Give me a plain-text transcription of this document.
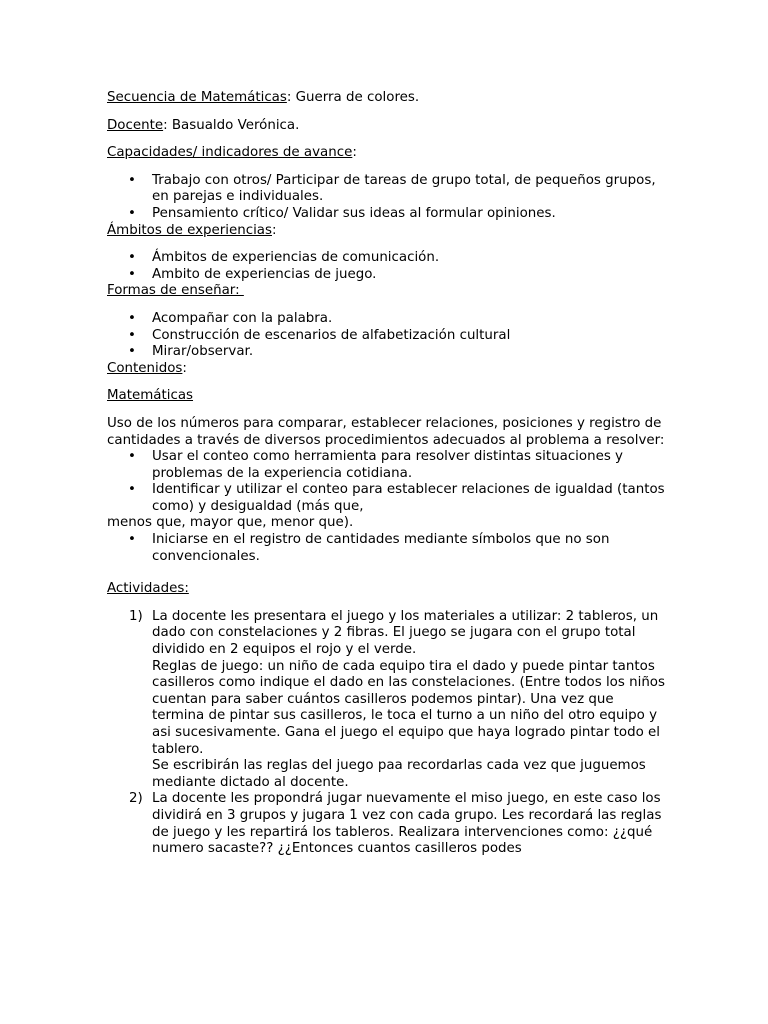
Secuencia de Matemáticas: Guerra de colores.

Docente: Basualdo Verónica.

Capacidades/ indicadores de avance:

• Trabajo con otros/ Participar de tareas de grupo total, de pequeños grupos, en parejas e individuales.
• Pensamiento crítico/ Validar sus ideas al formular opiniones.

Ámbitos de experiencias:

• Ámbitos de experiencias de comunicación.
• Ambito de experiencias de juego.

Formas de enseñar:

• Acompañar con la palabra.
• Construcción de escenarios de alfabetización cultural
• Mirar/observar.

Contenidos:

Matemáticas

Uso de los números para comparar, establecer relaciones, posiciones y registro de cantidades a través de diversos procedimientos adecuados al problema a resolver:

• Usar el conteo como herramienta para resolver distintas situaciones y problemas de la experiencia cotidiana.
• Identificar y utilizar el conteo para establecer relaciones de igualdad (tantos como) y desigualdad (más que,

menos que, mayor que, menor que).

• Iniciarse en el registro de cantidades mediante símbolos que no son convencionales.

Actividades:

1) La docente les presentara el juego y los materiales a utilizar: 2 tableros, un dado con constelaciones y 2 fibras. El juego se jugara con el grupo total dividido en 2 equipos el rojo y el verde.
Reglas de juego: un niño de cada equipo tira el dado y puede pintar tantos casilleros como indique el dado en las constelaciones. (Entre todos los niños cuentan para saber cuántos casilleros podemos pintar). Una vez que termina de pintar sus casilleros, le toca el turno a un niño del otro equipo y asi sucesivamente. Gana el juego el equipo que haya logrado pintar todo el tablero.
Se escribirán las reglas del juego paa recordarlas cada vez que juguemos mediante dictado al docente.
2) La docente les propondrá jugar nuevamente el miso juego, en este caso los dividirá en 3 grupos y jugara 1 vez con cada grupo. Les recordará las reglas de juego y les repartirá los tableros. Realizara intervenciones como: ¿¿qué numero sacaste?? ¿¿Entonces cuantos casilleros podes
